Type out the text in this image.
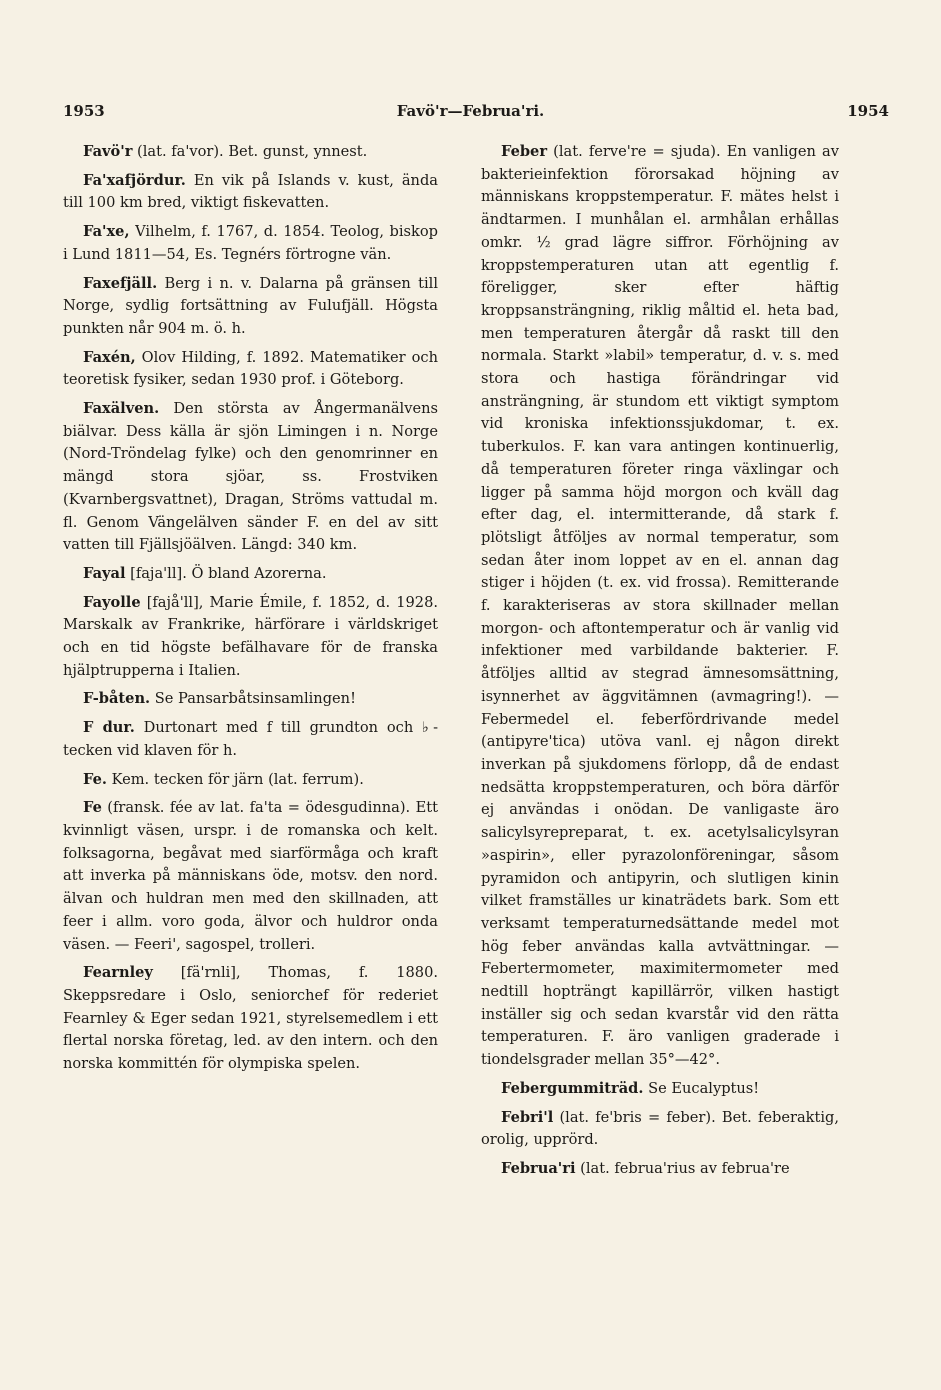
1953	Favö'r—Februa'ri.	1954

Favö'r (lat. fa'vor). Bet. gunst, ynnest.

Fa'xafjördur. En vik på Islands v. kust, ända till 100 km bred, viktigt fiskevatten.

Fa'xe, Vilhelm, f. 1767, d. 1854. Teolog, biskop i Lund 1811—54, Es. Tegnérs förtrogne vän.

Faxefjäll. Berg i n. v. Dalarna på gränsen till Norge, sydlig fortsättning av Fulufjäll. Högsta punkten når 904 m. ö. h.

Faxén, Olov Hilding, f. 1892. Matematiker och teoretisk fysiker, sedan 1930 prof. i Göteborg.

Faxälven. Den största av Ångermanälvens biälvar. Dess källa är sjön Limingen i n. Norge (Nord-Tröndelag fylke) och den genomrinner en mängd stora sjöar, ss. Frostviken (Kvarnbergsvattnet), Dragan, Ströms vattudal m. fl. Genom Vängelälven sänder F. en del av sitt vatten till Fjällsjöälven. Längd: 340 km.

Fayal [faja'll]. Ö bland Azorerna.

Fayolle [fajå'll], Marie Émile, f. 1852, d. 1928. Marskalk av Frankrike, härförare i världskriget och en tid högste befälhavare för de franska hjälptrupperna i Italien.

F-båten. Se Pansarbåtsinsamlingen!

F dur. Durtonart med f till grundton och ♭-tecken vid klaven för h.

Fe. Kem. tecken för järn (lat. ferrum).

Fe (fransk. fée av lat. fa'ta = ödesgudinna). Ett kvinnligt väsen, urspr. i de romanska och kelt. folksagorna, begåvat med siarförmåga och kraft att inverka på människans öde, motsv. den nord. älvan och huldran men med den skillnaden, att feer i allm. voro goda, älvor och huldror onda väsen. — Feeri', sagospel, trolleri.

Fearnley [fä'rnli], Thomas, f. 1880. Skeppsredare i Oslo, seniorchef för rederiet Fearnley & Eger sedan 1921, styrelsemedlem i ett flertal norska företag, led. av den intern. och den norska kommittén för olympiska spelen.

Feber (lat. ferve're = sjuda). En vanligen av bakterieinfektion förorsakad höjning av människans kroppstemperatur. F. mätes helst i ändtarmen. I munhålan el. armhålan erhållas omkr. ½ grad lägre siffror. Förhöjning av kroppstemperaturen utan att egentlig f. föreligger, sker efter häftig kroppsansträngning, riklig måltid el. heta bad, men temperaturen återgår då raskt till den normala. Starkt »labil» temperatur, d. v. s. med stora och hastiga förändringar vid ansträngning, är stundom ett viktigt symptom vid kroniska infektionssjukdomar, t. ex. tuberkulos. F. kan vara antingen kontinuerlig, då temperaturen företer ringa växlingar och ligger på samma höjd morgon och kväll dag efter dag, el. intermitterande, då stark f. plötsligt åtföljes av normal temperatur, som sedan åter inom loppet av en el. annan dag stiger i höjden (t. ex. vid frossa). Remitterande f. karakteriseras av stora skillnader mellan morgon- och aftontemperatur och är vanlig vid infektioner med varbildande bakterier. F. åtföljes alltid av stegrad ämnesomsättning, isynnerhet av äggvitämnen (avmagring!). — Febermedel el. feberfördrivande medel (antipyre'tica) utöva vanl. ej någon direkt inverkan på sjukdomens förlopp, då de endast nedsätta kroppstemperaturen, och böra därför ej användas i onödan. De vanligaste äro salicylsyrepreparat, t. ex. acetylsalicylsyran »aspirin», eller pyrazolonföreningar, såsom pyramidon och antipyrin, och slutligen kinin vilket framställes ur kinaträdets bark. Som ett verksamt temperaturnedsättande medel mot hög feber användas kalla avtvättningar. — Febertermometer, maximitermometer med nedtill hopträngt kapillärrör, vilken hastigt inställer sig och sedan kvarstår vid den rätta temperaturen. F. äro vanligen graderade i tiondelsgrader mellan 35°—42°.

Febergummiträd. Se Eucalyptus!

Febri'l (lat. fe'bris = feber). Bet. feberaktig, orolig, upprörd.

Februa'ri (lat. februa'rius av februa're
